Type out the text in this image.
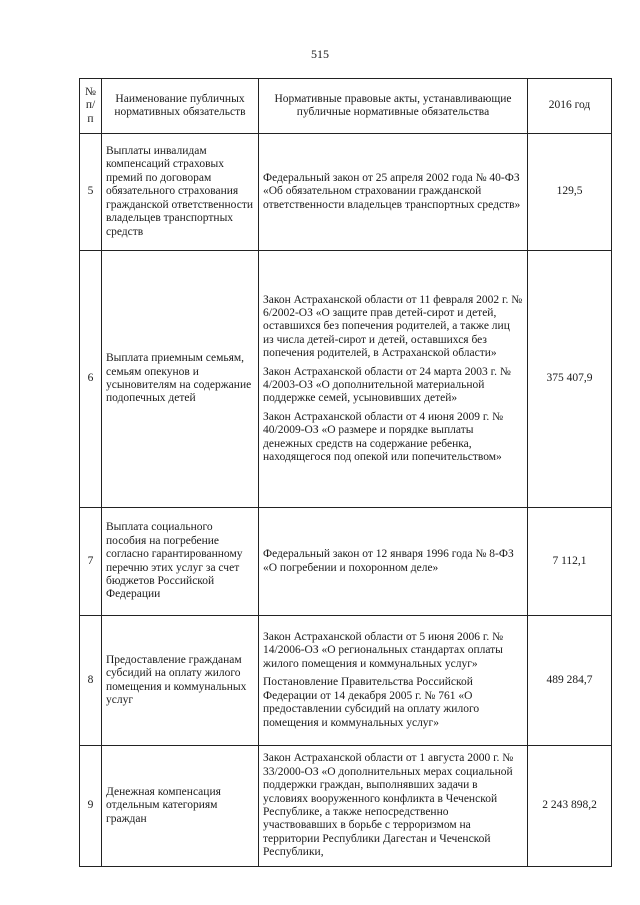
515
№ п/п	Наименование публичных нормативных обязательств	Нормативные правовые акты, устанавливающие публичные нормативные обязательства	2016 год
5	Выплаты инвалидам компенсаций страховых премий по договорам обязательного страхования гражданской ответственности владельцев транспортных средств	Федеральный закон от 25 апреля 2002 года № 40-ФЗ «Об обязательном страховании гражданской ответственности владельцев транспортных средств»	129,5
6	Выплата приемным семьям, семьям опекунов и усыновителям на содержание подопечных детей	Закон Астраханской области от 11 февраля 2002 г. № 6/2002-ОЗ «О защите прав детей-сирот и детей, оставшихся без попечения родителей, а также лиц из числа детей-сирот и детей, оставшихся без попечения родителей, в Астраханской области»
Закон Астраханской области от 24 марта 2003 г. № 4/2003-ОЗ «О дополнительной материальной поддержке семей, усыновивших детей»
Закон Астраханской области от 4 июня 2009 г. № 40/2009-ОЗ «О размере и порядке выплаты денежных средств на содержание ребенка, находящегося под опекой или попечительством»	375 407,9
7	Выплата социального пособия на погребение согласно гарантированному перечню этих услуг за счет бюджетов Российской Федерации	Федеральный закон от 12 января 1996 года № 8-ФЗ «О погребении и похоронном деле»	7 112,1
8	Предоставление гражданам субсидий на оплату жилого помещения и коммунальных услуг	Закон Астраханской области от 5 июня 2006 г. № 14/2006-ОЗ «О региональных стандартах оплаты жилого помещения и коммунальных услуг»
Постановление Правительства Российской Федерации от 14 декабря 2005 г. № 761 «О предоставлении субсидий на оплату жилого помещения и коммунальных услуг»	489 284,7
9	Денежная компенсация отдельным категориям граждан	Закон Астраханской области от 1 августа 2000 г. № 33/2000-ОЗ «О дополнительных мерах социальной поддержки граждан, выполнявших задачи в условиях вооруженного конфликта в Чеченской Республике, а также непосредственно участвовавших в борьбе с терроризмом на территории Республики Дагестан и Чеченской Республики,	2 243 898,2
